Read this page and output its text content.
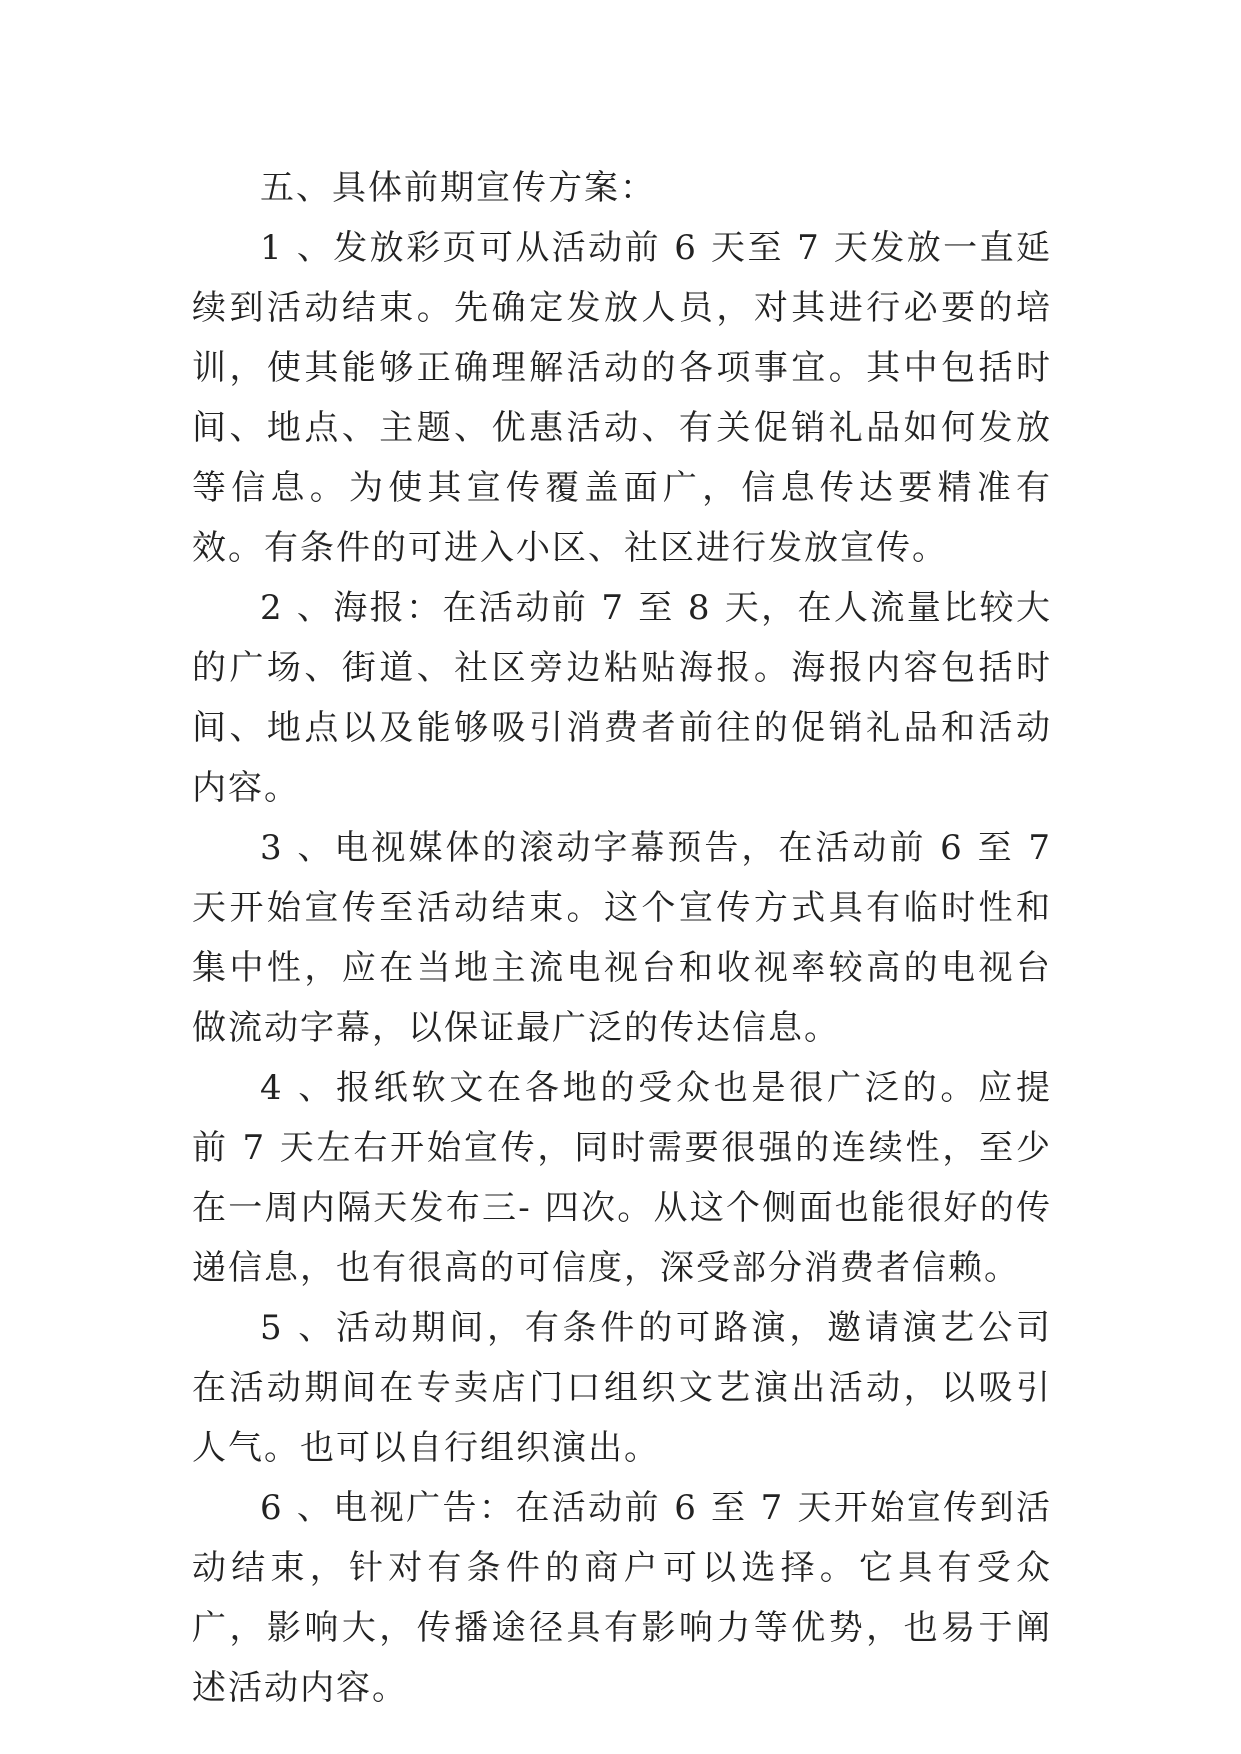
五、具体前期宣传方案：

1 、发放彩页可从活动前 6 天至 7 天发放一直延续到活动结束。先确定发放人员，对其进行必要的培训，使其能够正确理解活动的各项事宜。其中包括时间、地点、主题、优惠活动、有关促销礼品如何发放等信息。为使其宣传覆盖面广，信息传达要精准有效。有条件的可进入小区、社区进行发放宣传。

2 、海报：在活动前 7 至 8 天，在人流量比较大的广场、街道、社区旁边粘贴海报。海报内容包括时间、地点以及能够吸引消费者前往的促销礼品和活动内容。

3 、电视媒体的滚动字幕预告，在活动前 6 至 7 天开始宣传至活动结束。这个宣传方式具有临时性和集中性，应在当地主流电视台和收视率较高的电视台做流动字幕，以保证最广泛的传达信息。

4 、报纸软文在各地的受众也是很广泛的。应提前 7 天左右开始宣传，同时需要很强的连续性，至少在一周内隔天发布三- 四次。从这个侧面也能很好的传递信息，也有很高的可信度，深受部分消费者信赖。

5 、活动期间，有条件的可路演，邀请演艺公司在活动期间在专卖店门口组织文艺演出活动，以吸引人气。也可以自行组织演出。

6 、电视广告：在活动前 6 至 7 天开始宣传到活动结束，针对有条件的商户可以选择。它具有受众广，影响大，传播途径具有影响力等优势，也易于阐述活动内容。
